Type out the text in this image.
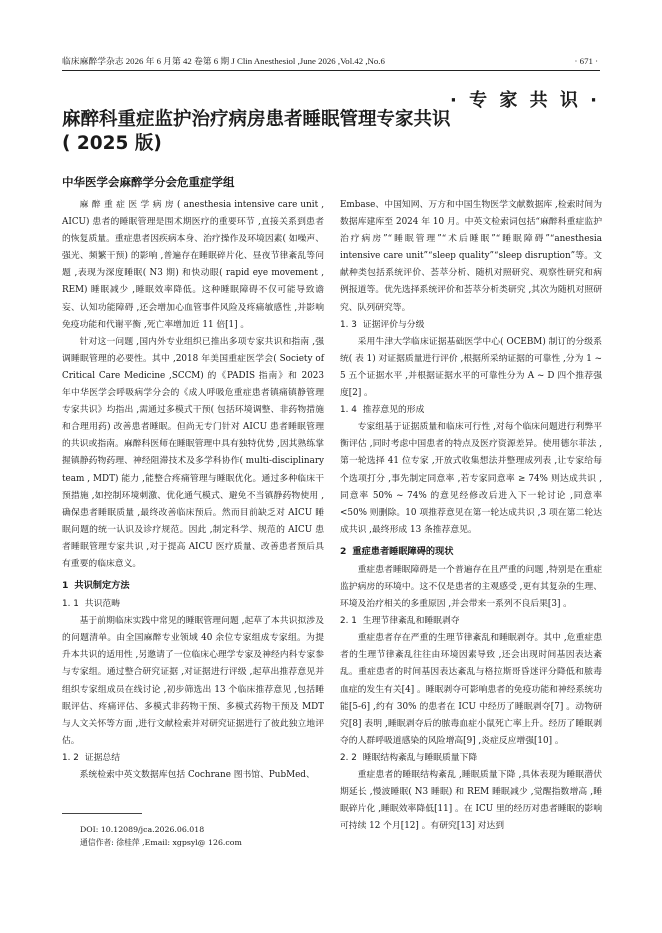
临床麻醉学杂志 2026 年 6 月第 42 卷第 6 期 J Clin Anesthesiol ,June 2026 ,Vol.42 ,No.6	· 671 ·
· 专 家 共 识 ·
麻醉科重症监护治疗病房患者睡眠管理专家共识
( 2025 版)
中华医学会麻醉学分会危重症学组

麻 醉 重 症 医 学 病 房 ( anesthesia intensive care unit , AICU) 患者的睡眠管理是围术期医疗的重要环节 ,直接关系到患者的恢复质量。重症患者因疾病本身、治疗操作及环境因素( 如噪声、强光、频繁干预) 的影响 ,普遍存在睡眠碎片化、昼夜节律紊乱等问题 ,表现为深度睡眠( N3 期) 和快动眼( rapid eye movement , REM) 睡眠减少 ,睡眠效率降低。这种睡眠障碍不仅可能导致谵妄、认知功能障碍 ,还会增加心血管事件风险及疼痛敏感性 ,并影响免疫功能和代谢平衡 ,死亡率增加近 11 倍[1] 。

针对这一问题 ,国内外专业组织已推出多项专家共识和指南 ,强调睡眠管理的必要性。其中 ,2018 年美国重症医学会( Society of Critical Care Medicine ,SCCM) 的《PADIS 指南》和 2023 年中华医学会呼吸病学分会的《成人呼吸危重症患者镇痛镇静管理专家共识》均指出 ,需通过多模式干预( 包括环境调整、非药物措施和合理用药) 改善患者睡眠。但尚无专门针对 AICU 患者睡眠管理的共识或指南。麻醉科医师在睡眠管理中具有独特优势 ,因其熟练掌握镇静药物药理、神经阻滞技术及多学科协作( multi-disciplinary team , MDT) 能力 ,能整合疼痛管理与睡眠优化。通过多种临床干预措施 ,如控制环境刺激、优化通气模式、避免不当镇静药物使用 ,确保患者睡眠质量 ,最终改善临床预后。然而目前缺乏对 AICU 睡眠问题的统一认识及诊疗规范。因此 ,制定科学、规范的 AICU 患者睡眠管理专家共识 ,对于提高 AICU 医疗质量、改善患者预后具有重要的临床意义。

1 共识制定方法
1. 1 共识范畴

基于前期临床实践中常见的睡眠管理问题 ,起草了本共识拟涉及的问题清单。由全国麻醉专业领域 40 余位专家组成专家组。为提升本共识的适用性 ,另邀请了一位临床心理学专家及神经内科专家参与专家组。通过整合研究证据 ,对证据进行评级 ,起草出推荐意见并组织专家组成员在线讨论 ,初步筛选出 13 个临床推荐意见 ,包括睡眠评估、疼痛评估、多模式非药物干预、多模式药物干预及 MDT 与人文关怀等方面 ,进行文献检索并对研究证据进行了彼此独立地评估。

1. 2 证据总结

系统检索中英文数据库包括 Cochrane 图书馆、PubMed、

Embase、中国知网、万方和中国生物医学文献数据库 ,检索时间为数据库建库至 2024 年 10 月。中英文检索词包括“麻醉科重症监护治疗病房”“睡眠管理”“术后睡眠”“睡眠障碍”“anesthesia intensive care unit”“sleep quality”“sleep disruption”等。文献种类包括系统评价、荟萃分析、随机对照研究、观察性研究和病例报道等。优先选择系统评价和荟萃分析类研究 ,其次为随机对照研究、队列研究等。

1. 3 证据评价与分级

采用牛津大学临床证据基础医学中心( OCEBM) 制订的分级系统( 表 1) 对证据质量进行评价 ,根据所采纳证据的可靠性 ,分为 1 ~ 5 五个证据水平 ,并根据证据水平的可靠性分为 A ~ D 四个推荐强度[2] 。

1. 4 推荐意见的形成

专家组基于证据质量和临床可行性 ,对每个临床问题进行利弊平衡评估 ,同时考虑中国患者的特点及医疗资源差异。使用德尔菲法 ,第一轮选择 41 位专家 ,开放式收集想法并整理成列表 ,让专家给每个选项打分 ,事先制定同意率 ,若专家同意率 ≥ 74% 则达成共识 ,同意率 50% ~ 74% 的意见经修改后进入下一轮讨论 ,同意率<50% 则删除。10 项推荐意见在第一轮达成共识 ,3 项在第二轮达成共识 ,最终形成 13 条推荐意见。

2 重症患者睡眠障碍的现状

重症患者睡眠障碍是一个普遍存在且严重的问题 ,特别是在重症监护病房的环境中。这不仅是患者的主观感受 ,更有其复杂的生理、环境及治疗相关的多重原因 ,并会带来一系列不良后果[3] 。

2. 1 生理节律紊乱和睡眠剥夺

重症患者存在严重的生理节律紊乱和睡眠剥夺。其中 ,危重症患者的生理节律紊乱往往由环境因素导致 ,还会出现时间基因表达紊乱。重症患者的时间基因表达紊乱与格拉斯哥昏迷评分降低和脓毒血症的发生有关[4] 。睡眠剥夺可影响患者的免疫功能和神经系统功能[5-6] ,约有 30% 的患者在 ICU 中经历了睡眠剥夺[7] 。动物研究[8] 表明 ,睡眠剥夺后的脓毒血症小鼠死亡率上升。经历了睡眠剥夺的人群呼吸道感染的风险增高[9] ,炎症反应增强[10] 。

2. 2 睡眠结构紊乱与睡眠质量下降

重症患者的睡眠结构紊乱 ,睡眠质量下降 ,具体表现为睡眠潜伏期延长 ,慢波睡眠( N3 睡眠) 和 REM 睡眠减少 ,觉醒指数增高 ,睡眠碎片化 ,睡眠效率降低[11] 。在 ICU 里的经历对患者睡眠的影响可持续 12 个月[12] 。有研究[13] 对达到

DOI: 10.12089/jca.2026.06.018
通信作者: 徐桂萍 ,Email: xgpsyl@ 126.com
